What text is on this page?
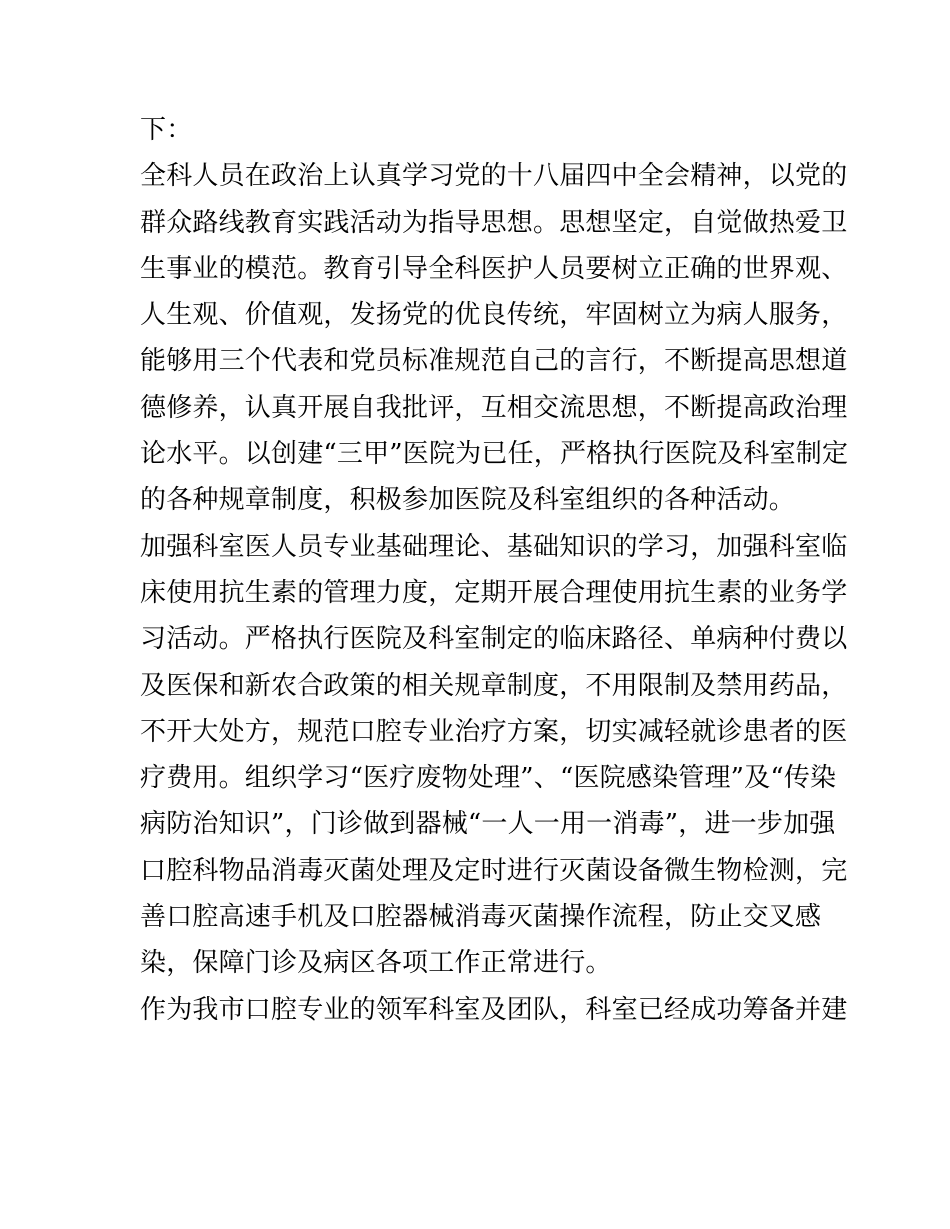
下：
全科人员在政治上认真学习党的十八届四中全会精神，以党的
群众路线教育实践活动为指导思想。思想坚定，自觉做热爱卫
生事业的模范。教育引导全科医护人员要树立正确的世界观、
人生观、价值观，发扬党的优良传统，牢固树立为病人服务，
能够用三个代表和党员标准规范自己的言行，不断提高思想道
德修养，认真开展自我批评，互相交流思想，不断提高政治理
论水平。以创建“三甲”医院为已任，严格执行医院及科室制定
的各种规章制度，积极参加医院及科室组织的各种活动。
加强科室医人员专业基础理论、基础知识的学习，加强科室临
床使用抗生素的管理力度，定期开展合理使用抗生素的业务学
习活动。严格执行医院及科室制定的临床路径、单病种付费以
及医保和新农合政策的相关规章制度，不用限制及禁用药品，
不开大处方，规范口腔专业治疗方案，切实减轻就诊患者的医
疗费用。组织学习“医疗废物处理”、“医院感染管理”及“传染
病防治知识”，门诊做到器械“一人一用一消毒”，进一步加强
口腔科物品消毒灭菌处理及定时进行灭菌设备微生物检测，完
善口腔高速手机及口腔器械消毒灭菌操作流程，防止交叉感
染，保障门诊及病区各项工作正常进行。
作为我市口腔专业的领军科室及团队，科室已经成功筹备并建
